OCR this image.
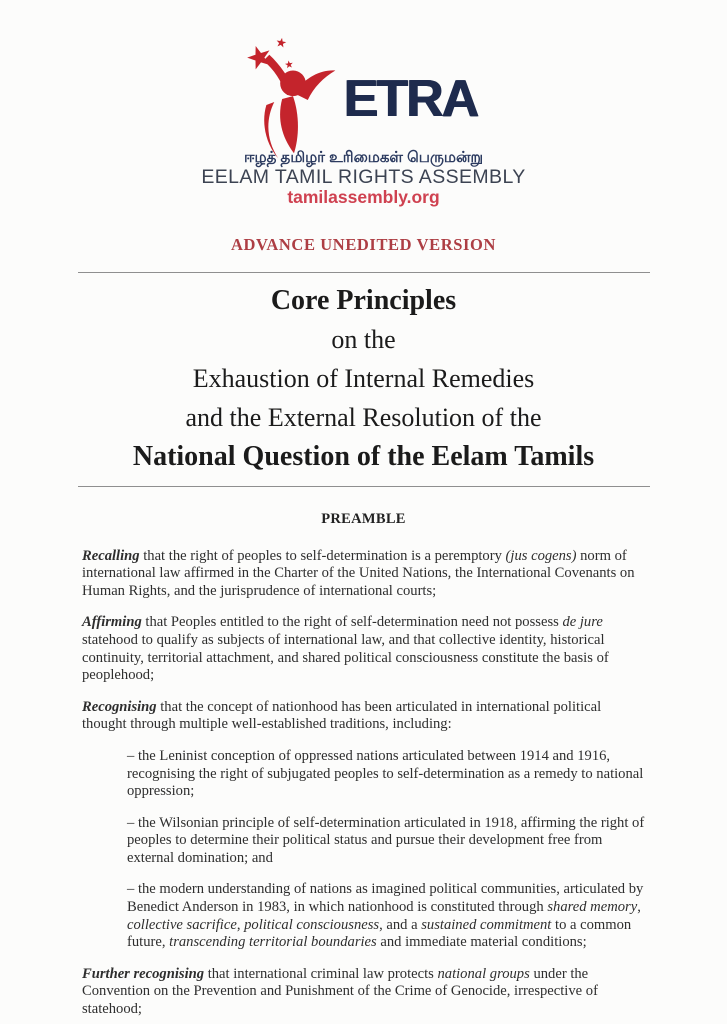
ETRA
ஈழத் தமிழர் உரிமைகள் பெருமன்று
EELAM TAMIL RIGHTS ASSEMBLY
tamilassembly.org
ADVANCE UNEDITED VERSION
Core Principles
on the
Exhaustion of Internal Remedies
and the External Resolution of the
National Question of the Eelam Tamils
PREAMBLE

Recalling that the right of peoples to self-determination is a peremptory (jus cogens) norm of international law affirmed in the Charter of the United Nations, the International Covenants on Human Rights, and the jurisprudence of international courts;

Affirming that Peoples entitled to the right of self-determination need not possess de jure statehood to qualify as subjects of international law, and that collective identity, historical continuity, territorial attachment, and shared political consciousness constitute the basis of peoplehood;

Recognising that the concept of nationhood has been articulated in international political thought through multiple well-established traditions, including:

– the Leninist conception of oppressed nations articulated between 1914 and 1916, recognising the right of subjugated peoples to self-determination as a remedy to national oppression;

– the Wilsonian principle of self-determination articulated in 1918, affirming the right of peoples to determine their political status and pursue their development free from external domination; and

– the modern understanding of nations as imagined political communities, articulated by Benedict Anderson in 1983, in which nationhood is constituted through shared memory, collective sacrifice, political consciousness, and a sustained commitment to a common future, transcending territorial boundaries and immediate material conditions;

Further recognising that international criminal law protects national groups under the Convention on the Prevention and Punishment of the Crime of Genocide, irrespective of statehood;
